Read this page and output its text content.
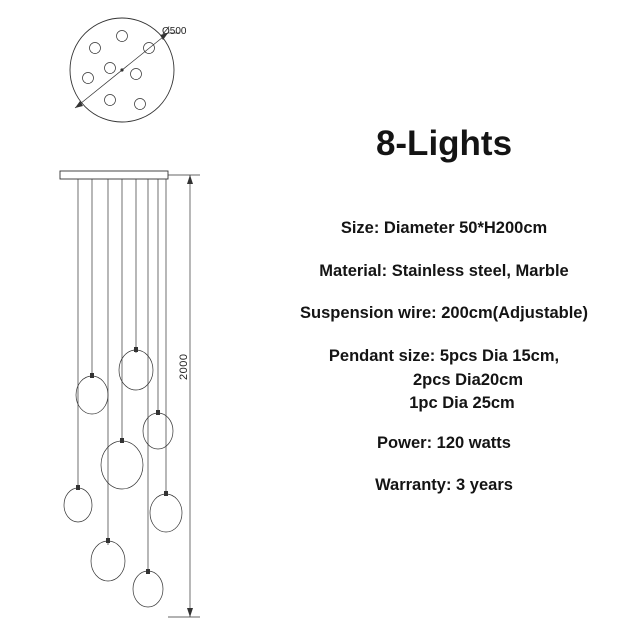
Ø500
2000
8-Lights
Size: Diameter 50*H200cm
Material: Stainless steel, Marble
Suspension wire: 200cm(Adjustable)
Pendant size: 5pcs Dia 15cm,
2pcs Dia20cm
1pc Dia 25cm
Power: 120 watts
Warranty: 3 years
